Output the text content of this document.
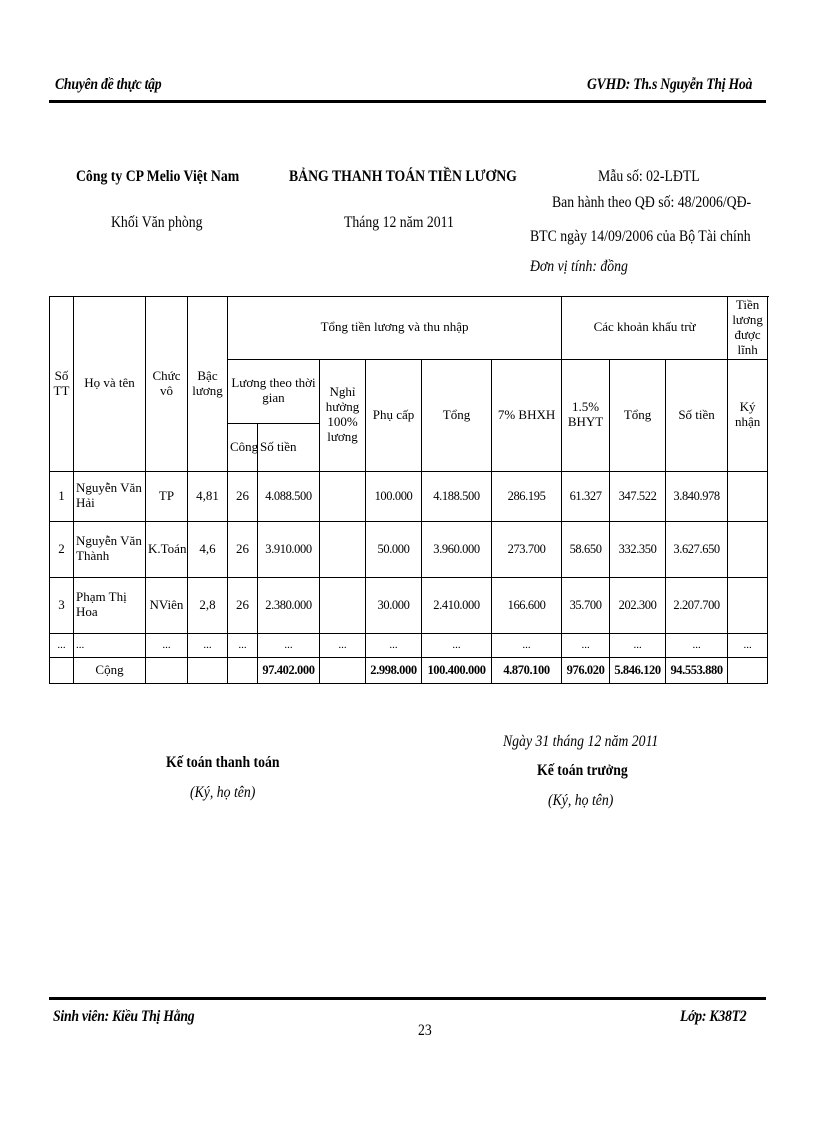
Chuyên đề thực tập	GVHD: Th.s Nguyễn Thị Hoà
Công ty CP Melio Việt Nam
Khối Văn phòng
BẢNG THANH TOÁN TIỀN LƯƠNG
Tháng 12 năm 2011
Mẫu số: 02-LĐTL
Ban hành theo QĐ số: 48/2006/QĐ-
BTC ngày 14/09/2006 của Bộ Tài chính
Đơn vị tính: đồng
Số TT	Họ và tên	Chức vô	Bậc lương	Tổng tiền lương và thu nhập						Các khoản khấu trừ			Tiền lương được lĩnh
				Lương theo thời gian		Nghỉ hưởng 100% lương	Phụ cấp	Tổng	7% BHXH	1.5% BHYT	Tổng	Số tiền	Ký nhận
				Công	Số tiền								
1	Nguyễn Văn Hải	TP	4,81	26	4.088.500		100.000	4.188.500	286.195	61.327	347.522	3.840.978	
2	Nguyễn Văn Thành	K.Toán	4,6	26	3.910.000		50.000	3.960.000	273.700	58.650	332.350	3.627.650	
3	Phạm Thị Hoa	NViên	2,8	26	2.380.000		30.000	2.410.000	166.600	35.700	202.300	2.207.700	
...	...	...	...	...	...	...	...	...	...	...	...	...	...
	Cộng				97.402.000		2.998.000	100.400.000	4.870.100	976.020	5.846.120	94.553.880	
Kế toán thanh toán
(Ký, họ tên)
Ngày 31 tháng 12 năm 2011
Kế toán trưởng
(Ký, họ tên)
Sinh viên: Kiều Thị Hằng
23
Lớp: K38T2
